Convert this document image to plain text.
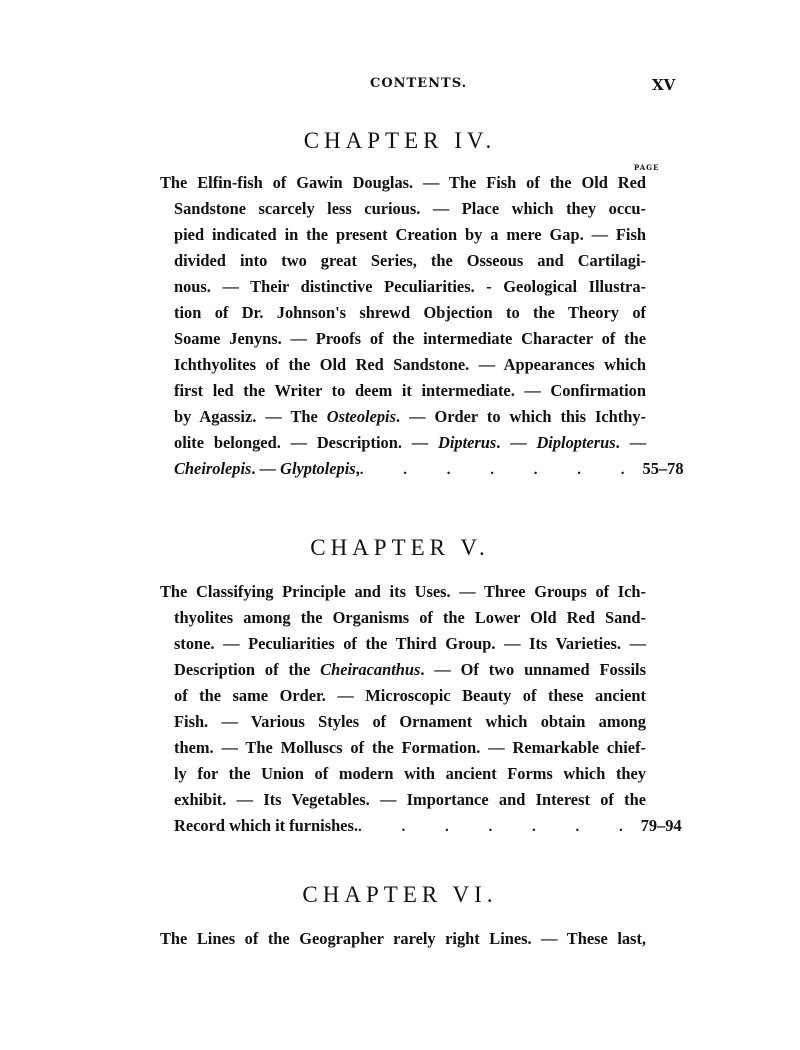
CONTENTS.	XV
CHAPTER IV.
PAGE
The Elfin-fish of Gawin Douglas. — The Fish of the Old Red
Sandstone scarcely less curious. — Place which they occu-
pied indicated in the present Creation by a mere Gap. — Fish
divided into two great Series, the Osseous and Cartilagi-
nous. — Their distinctive Peculiarities. - Geological Illustra-
tion of Dr. Johnson's shrewd Objection to the Theory of
Soame Jenyns. — Proofs of the intermediate Character of the
Ichthyolites of the Old Red Sandstone. — Appearances which
first led the Writer to deem it intermediate. — Confirmation
by Agassiz. — The Osteolepis. — Order to which this Ichthy-
olite belonged. — Description. — Dipterus. — Diplopterus. —
Cheirolepis. — Glyptolepis, . . . . . . . 55–78
CHAPTER V.
The Classifying Principle and its Uses. — Three Groups of Ich-
thyolites among the Organisms of the Lower Old Red Sand-
stone. — Peculiarities of the Third Group. — Its Varieties. —
Description of the Cheiracanthus. — Of two unnamed Fossils
of the same Order. — Microscopic Beauty of these ancient
Fish. — Various Styles of Ornament which obtain among
them. — The Molluscs of the Formation. — Remarkable chief-
ly for the Union of modern with ancient Forms which they
exhibit. — Its Vegetables. — Importance and Interest of the
Record which it furnishes. . . . . . . . 79–94
CHAPTER VI.
The Lines of the Geographer rarely right Lines. — These last,
